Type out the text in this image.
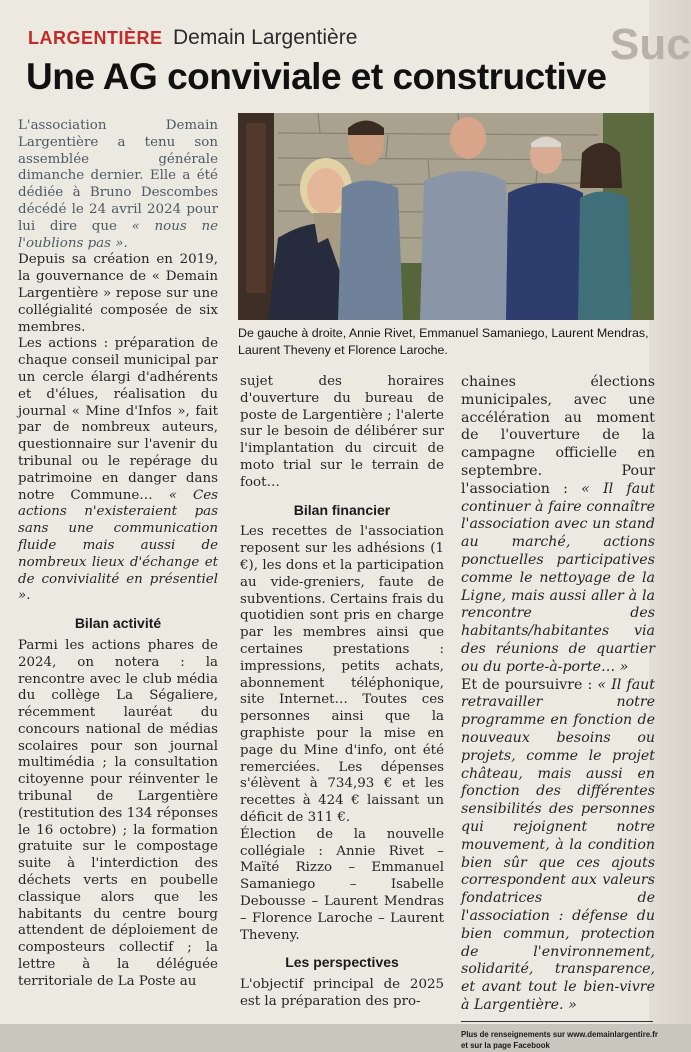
Suc
LARGENTIÈRE Demain Largentière
Une AG conviviale et constructive
De gauche à droite, Annie Rivet, Emmanuel Samaniego, Laurent Mendras, Laurent Theveny et Florence Laroche.

L'association Demain Largentière a tenu son assemblée générale dimanche dernier. Elle a été dédiée à Bruno Descombes décédé le 24 avril 2024 pour lui dire que « nous ne l'oublions pas ».

Depuis sa création en 2019, la gouvernance de « Demain Largentière » repose sur une collégialité composée de six membres.

Les actions : préparation de chaque conseil municipal par un cercle élargi d'adhérents et d'élues, réalisation du journal « Mine d'Infos », fait par de nombreux auteurs, questionnaire sur l'avenir du tribunal ou le repérage du patrimoine en danger dans notre Commune… « Ces actions n'existeraient pas sans une communication fluide mais aussi de nombreux lieux d'échange et de convivialité en présentiel ».

Bilan activité

Parmi les actions phares de 2024, on notera : la rencontre avec le club média du collège La Ségaliere, récemment lauréat du concours national de médias scolaires pour son journal multimédia ; la consultation citoyenne pour réinventer le tribunal de Largentière (restitution des 134 réponses le 16 octobre) ; la formation gratuite sur le compostage suite à l'interdiction des déchets verts en poubelle classique alors que les habitants du centre bourg attendent de déploiement de composteurs collectif ; la lettre à la déléguée territoriale de La Poste au

sujet des horaires d'ouverture du bureau de poste de Largentière ; l'alerte sur le besoin de délibérer sur l'implantation du circuit de moto trial sur le terrain de foot…

Bilan financier

Les recettes de l'association reposent sur les adhésions (1 €), les dons et la participation au vide-greniers, faute de subventions. Certains frais du quotidien sont pris en charge par les membres ainsi que certaines prestations : impressions, petits achats, abonnement téléphonique, site Internet… Toutes ces personnes ainsi que la graphiste pour la mise en page du Mine d'info, ont été remerciées. Les dépenses s'élèvent à 734,93 € et les recettes à 424 € laissant un déficit de 311 €.

Élection de la nouvelle collégiale : Annie Rivet – Maïté Rizzo – Emmanuel Samaniego – Isabelle Debousse – Laurent Mendras – Florence Laroche – Laurent Theveny.

Les perspectives

L'objectif principal de 2025 est la préparation des pro-

chaines élections municipales, avec une accélération au moment de l'ouverture de la campagne officielle en septembre. Pour l'association : « Il faut continuer à faire connaître l'association avec un stand au marché, actions ponctuelles participatives comme le nettoyage de la Ligne, mais aussi aller à la rencontre des habitants/habitantes via des réunions de quartier ou du porte-à-porte… »

Et de poursuivre : « Il faut retravailler notre programme en fonction de nouveaux besoins ou projets, comme le projet château, mais aussi en fonction des différentes sensibilités des personnes qui rejoignent notre mouvement, à la condition bien sûr que ces ajouts correspondent aux valeurs fondatrices de l'association : défense du bien commun, protection de l'environnement, solidarité, transparence, et avant tout le bien-vivre à Largentière. »

Plus de renseignements sur www.demainlargentire.fr et sur la page Facebook
